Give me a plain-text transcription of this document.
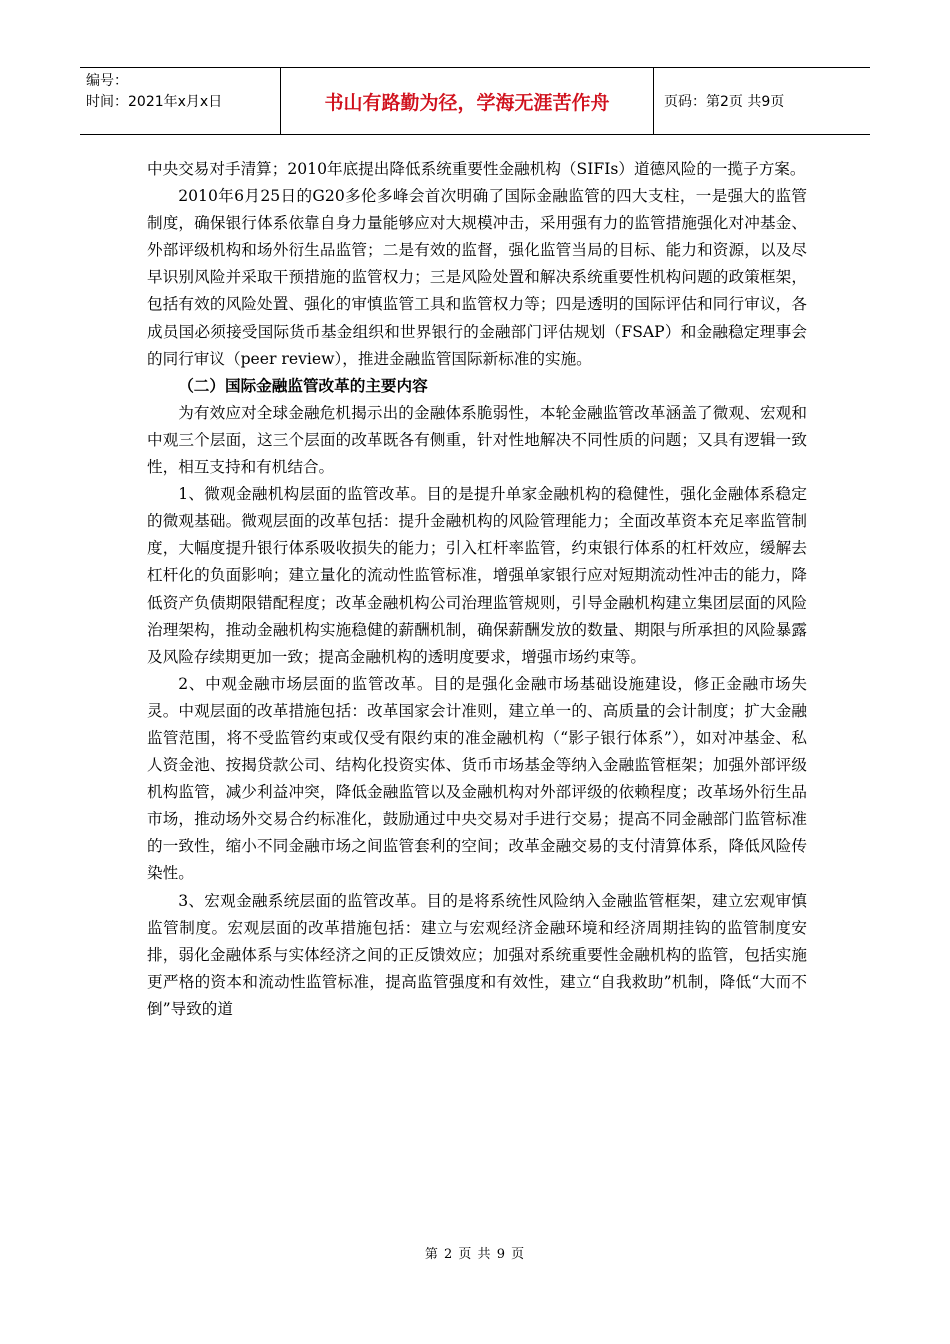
编号：
时间：2021年x月x日	书山有路勤为径，学海无涯苦作舟	页码：第2页 共9页

中央交易对手清算；2010年底提出降低系统重要性金融机构（SIFIs）道德风险的一揽子方案。

2010年6月25日的G20多伦多峰会首次明确了国际金融监管的四大支柱，一是强大的监管制度，确保银行体系依靠自身力量能够应对大规模冲击，采用强有力的监管措施强化对冲基金、外部评级机构和场外衍生品监管；二是有效的监督，强化监管当局的目标、能力和资源，以及尽早识别风险并采取干预措施的监管权力；三是风险处置和解决系统重要性机构问题的政策框架，包括有效的风险处置、强化的审慎监管工具和监管权力等；四是透明的国际评估和同行审议，各成员国必须接受国际货币基金组织和世界银行的金融部门评估规划（FSAP）和金融稳定理事会的同行审议（peer review），推进金融监管国际新标准的实施。

（二）国际金融监管改革的主要内容

为有效应对全球金融危机揭示出的金融体系脆弱性，本轮金融监管改革涵盖了微观、宏观和中观三个层面，这三个层面的改革既各有侧重，针对性地解决不同性质的问题；又具有逻辑一致性，相互支持和有机结合。

1、微观金融机构层面的监管改革。目的是提升单家金融机构的稳健性，强化金融体系稳定的微观基础。微观层面的改革包括：提升金融机构的风险管理能力；全面改革资本充足率监管制度，大幅度提升银行体系吸收损失的能力；引入杠杆率监管，约束银行体系的杠杆效应，缓解去杠杆化的负面影响；建立量化的流动性监管标准，增强单家银行应对短期流动性冲击的能力，降低资产负债期限错配程度；改革金融机构公司治理监管规则，引导金融机构建立集团层面的风险治理架构，推动金融机构实施稳健的薪酬机制，确保薪酬发放的数量、期限与所承担的风险暴露及风险存续期更加一致；提高金融机构的透明度要求，增强市场约束等。

2、中观金融市场层面的监管改革。目的是强化金融市场基础设施建设，修正金融市场失灵。中观层面的改革措施包括：改革国家会计准则，建立单一的、高质量的会计制度；扩大金融监管范围，将不受监管约束或仅受有限约束的准金融机构（“影子银行体系”），如对冲基金、私人资金池、按揭贷款公司、结构化投资实体、货币市场基金等纳入金融监管框架；加强外部评级机构监管，减少利益冲突，降低金融监管以及金融机构对外部评级的依赖程度；改革场外衍生品市场，推动场外交易合约标准化，鼓励通过中央交易对手进行交易；提高不同金融部门监管标准的一致性，缩小不同金融市场之间监管套利的空间；改革金融交易的支付清算体系，降低风险传染性。

3、宏观金融系统层面的监管改革。目的是将系统性风险纳入金融监管框架，建立宏观审慎监管制度。宏观层面的改革措施包括：建立与宏观经济金融环境和经济周期挂钩的监管制度安排，弱化金融体系与实体经济之间的正反馈效应；加强对系统重要性金融机构的监管，包括实施更严格的资本和流动性监管标准，提高监管强度和有效性，建立“自我救助”机制，降低“大而不倒”导致的道

第 2 页 共 9 页
